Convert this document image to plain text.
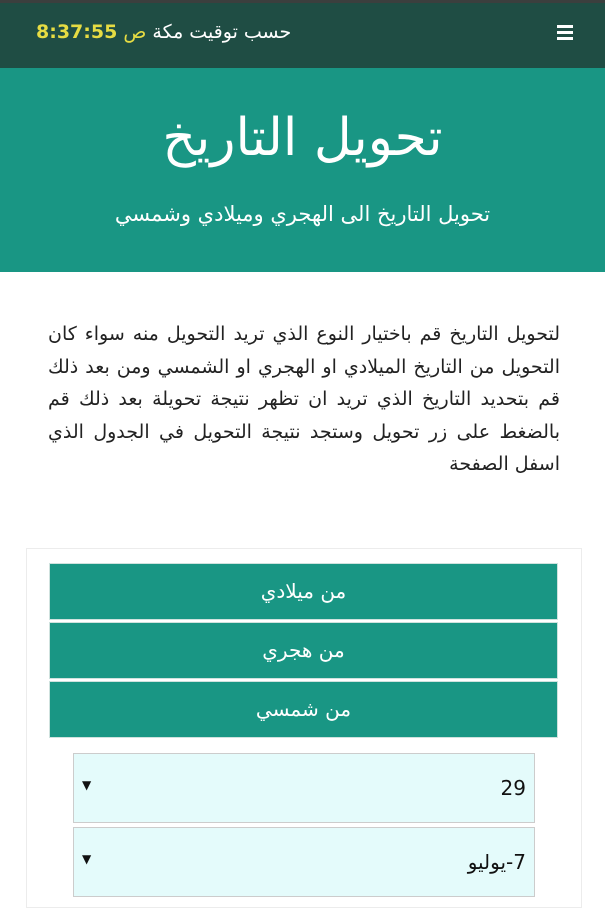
حسب توقيت مكة ص 8:37:55
تحويل التاريخ

تحويل التاريخ الى الهجري وميلادي وشمسي

لتحويل التاريخ قم باختيار النوع الذي تريد التحويل منه سواء كان التحويل من التاريخ الميلادي او الهجري او الشمسي ومن بعد ذلك قم بتحديد التاريخ الذي تريد ان تظهر نتيجة تحويلة بعد ذلك قم بالضغط على زر تحويل وستجد نتيجة التحويل في الجدول الذي اسفل الصفحة
من ميلادي
من هجري
من شمسي
29
▼
7-يوليو
▼
